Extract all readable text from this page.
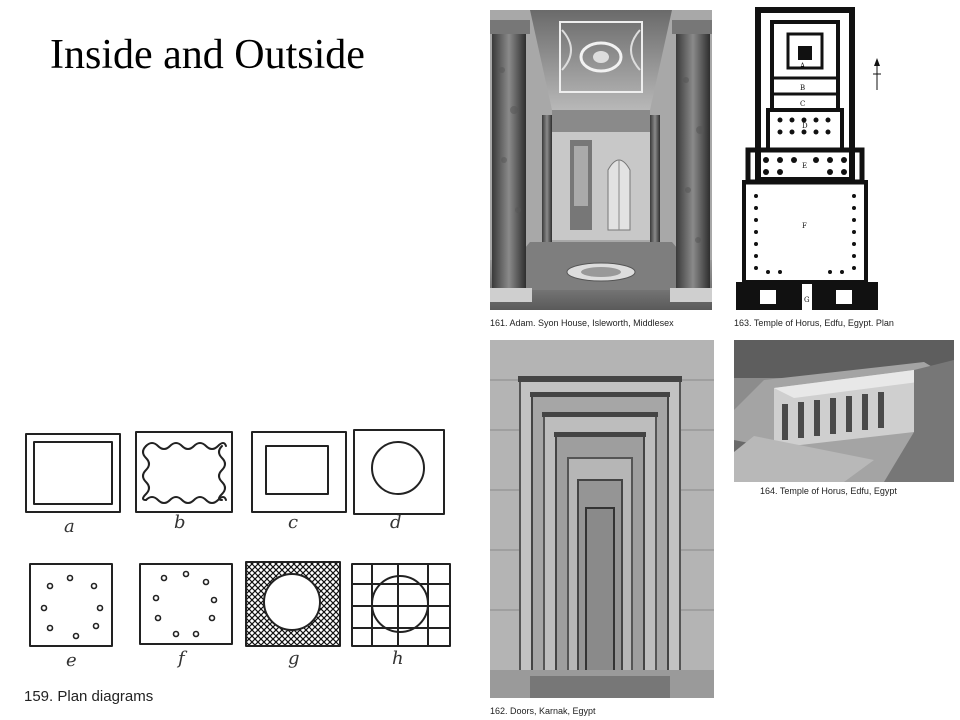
Inside and Outside
161. Adam. Syon House, Isleworth, Middlesex
A
B
C
D
E
F
G
163. Temple of Horus, Edfu, Egypt. Plan
162. Doors, Karnak, Egypt
164. Temple of Horus, Edfu, Egypt
a	b	c	d
e	f	g	h
159. Plan diagrams
